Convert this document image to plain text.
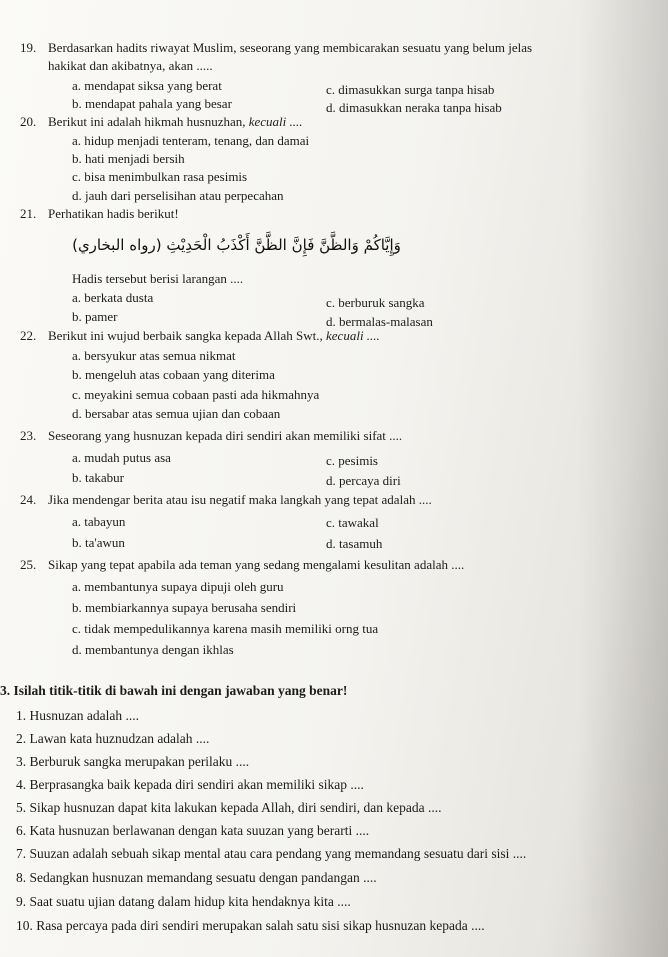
19. Berdasarkan hadits riwayat Muslim, seseorang yang membicarakan sesuatu yang belum jelas
hakikat dan akibatnya, akan .....
a. mendapat siksa yang berat	c. dimasukkan surga tanpa hisab
b. mendapat pahala yang besar	d. dimasukkan neraka tanpa hisab
20. Berikut ini adalah hikmah husnuzhan, kecuali ....
a. hidup menjadi tenteram, tenang, dan damai
b. hati menjadi bersih
c. bisa menimbulkan rasa pesimis
d. jauh dari perselisihan atau perpecahan
21. Perhatikan hadis berikut!
وَإِيَّاكُمْ وَالظَّنَّ فَإِنَّ الظَّنَّ أَكْذَبُ الْحَدِيْثِ (رواه البخاري)
Hadis tersebut berisi larangan ....
a. berkata dusta	c. berburuk sangka
b. pamer	d. bermalas-malasan
22. Berikut ini wujud berbaik sangka kepada Allah Swt., kecuali ....
a. bersyukur atas semua nikmat
b. mengeluh atas cobaan yang diterima
c. meyakini semua cobaan pasti ada hikmahnya
d. bersabar atas semua ujian dan cobaan
23. Seseorang yang husnuzan kepada diri sendiri akan memiliki sifat ....
a. mudah putus asa	c. pesimis
b. takabur	d. percaya diri
24. Jika mendengar berita atau isu negatif maka langkah yang tepat adalah ....
a. tabayun	c. tawakal
b. ta'awun	d. tasamuh
25. Sikap yang tepat apabila ada teman yang sedang mengalami kesulitan adalah ....
a. membantunya supaya dipuji oleh guru
b. membiarkannya supaya berusaha sendiri
c. tidak mempedulikannya karena masih memiliki orng tua
d. membantunya dengan ikhlas
3. Isilah titik-titik di bawah ini dengan jawaban yang benar!
1. Husnuzan adalah ....
2. Lawan kata huznudzan adalah ....
3. Berburuk sangka merupakan perilaku ....
4. Berprasangka baik kepada diri sendiri akan memiliki sikap ....
5. Sikap husnuzan dapat kita lakukan kepada Allah, diri sendiri, dan kepada ....
6. Kata husnuzan berlawanan dengan kata suuzan yang berarti ....
7. Suuzan adalah sebuah sikap mental atau cara pendang yang memandang sesuatu dari sisi ....
8. Sedangkan husnuzan memandang sesuatu dengan pandangan ....
9. Saat suatu ujian datang dalam hidup kita hendaknya kita ....
10. Rasa percaya pada diri sendiri merupakan salah satu sisi sikap husnuzan kepada ....
